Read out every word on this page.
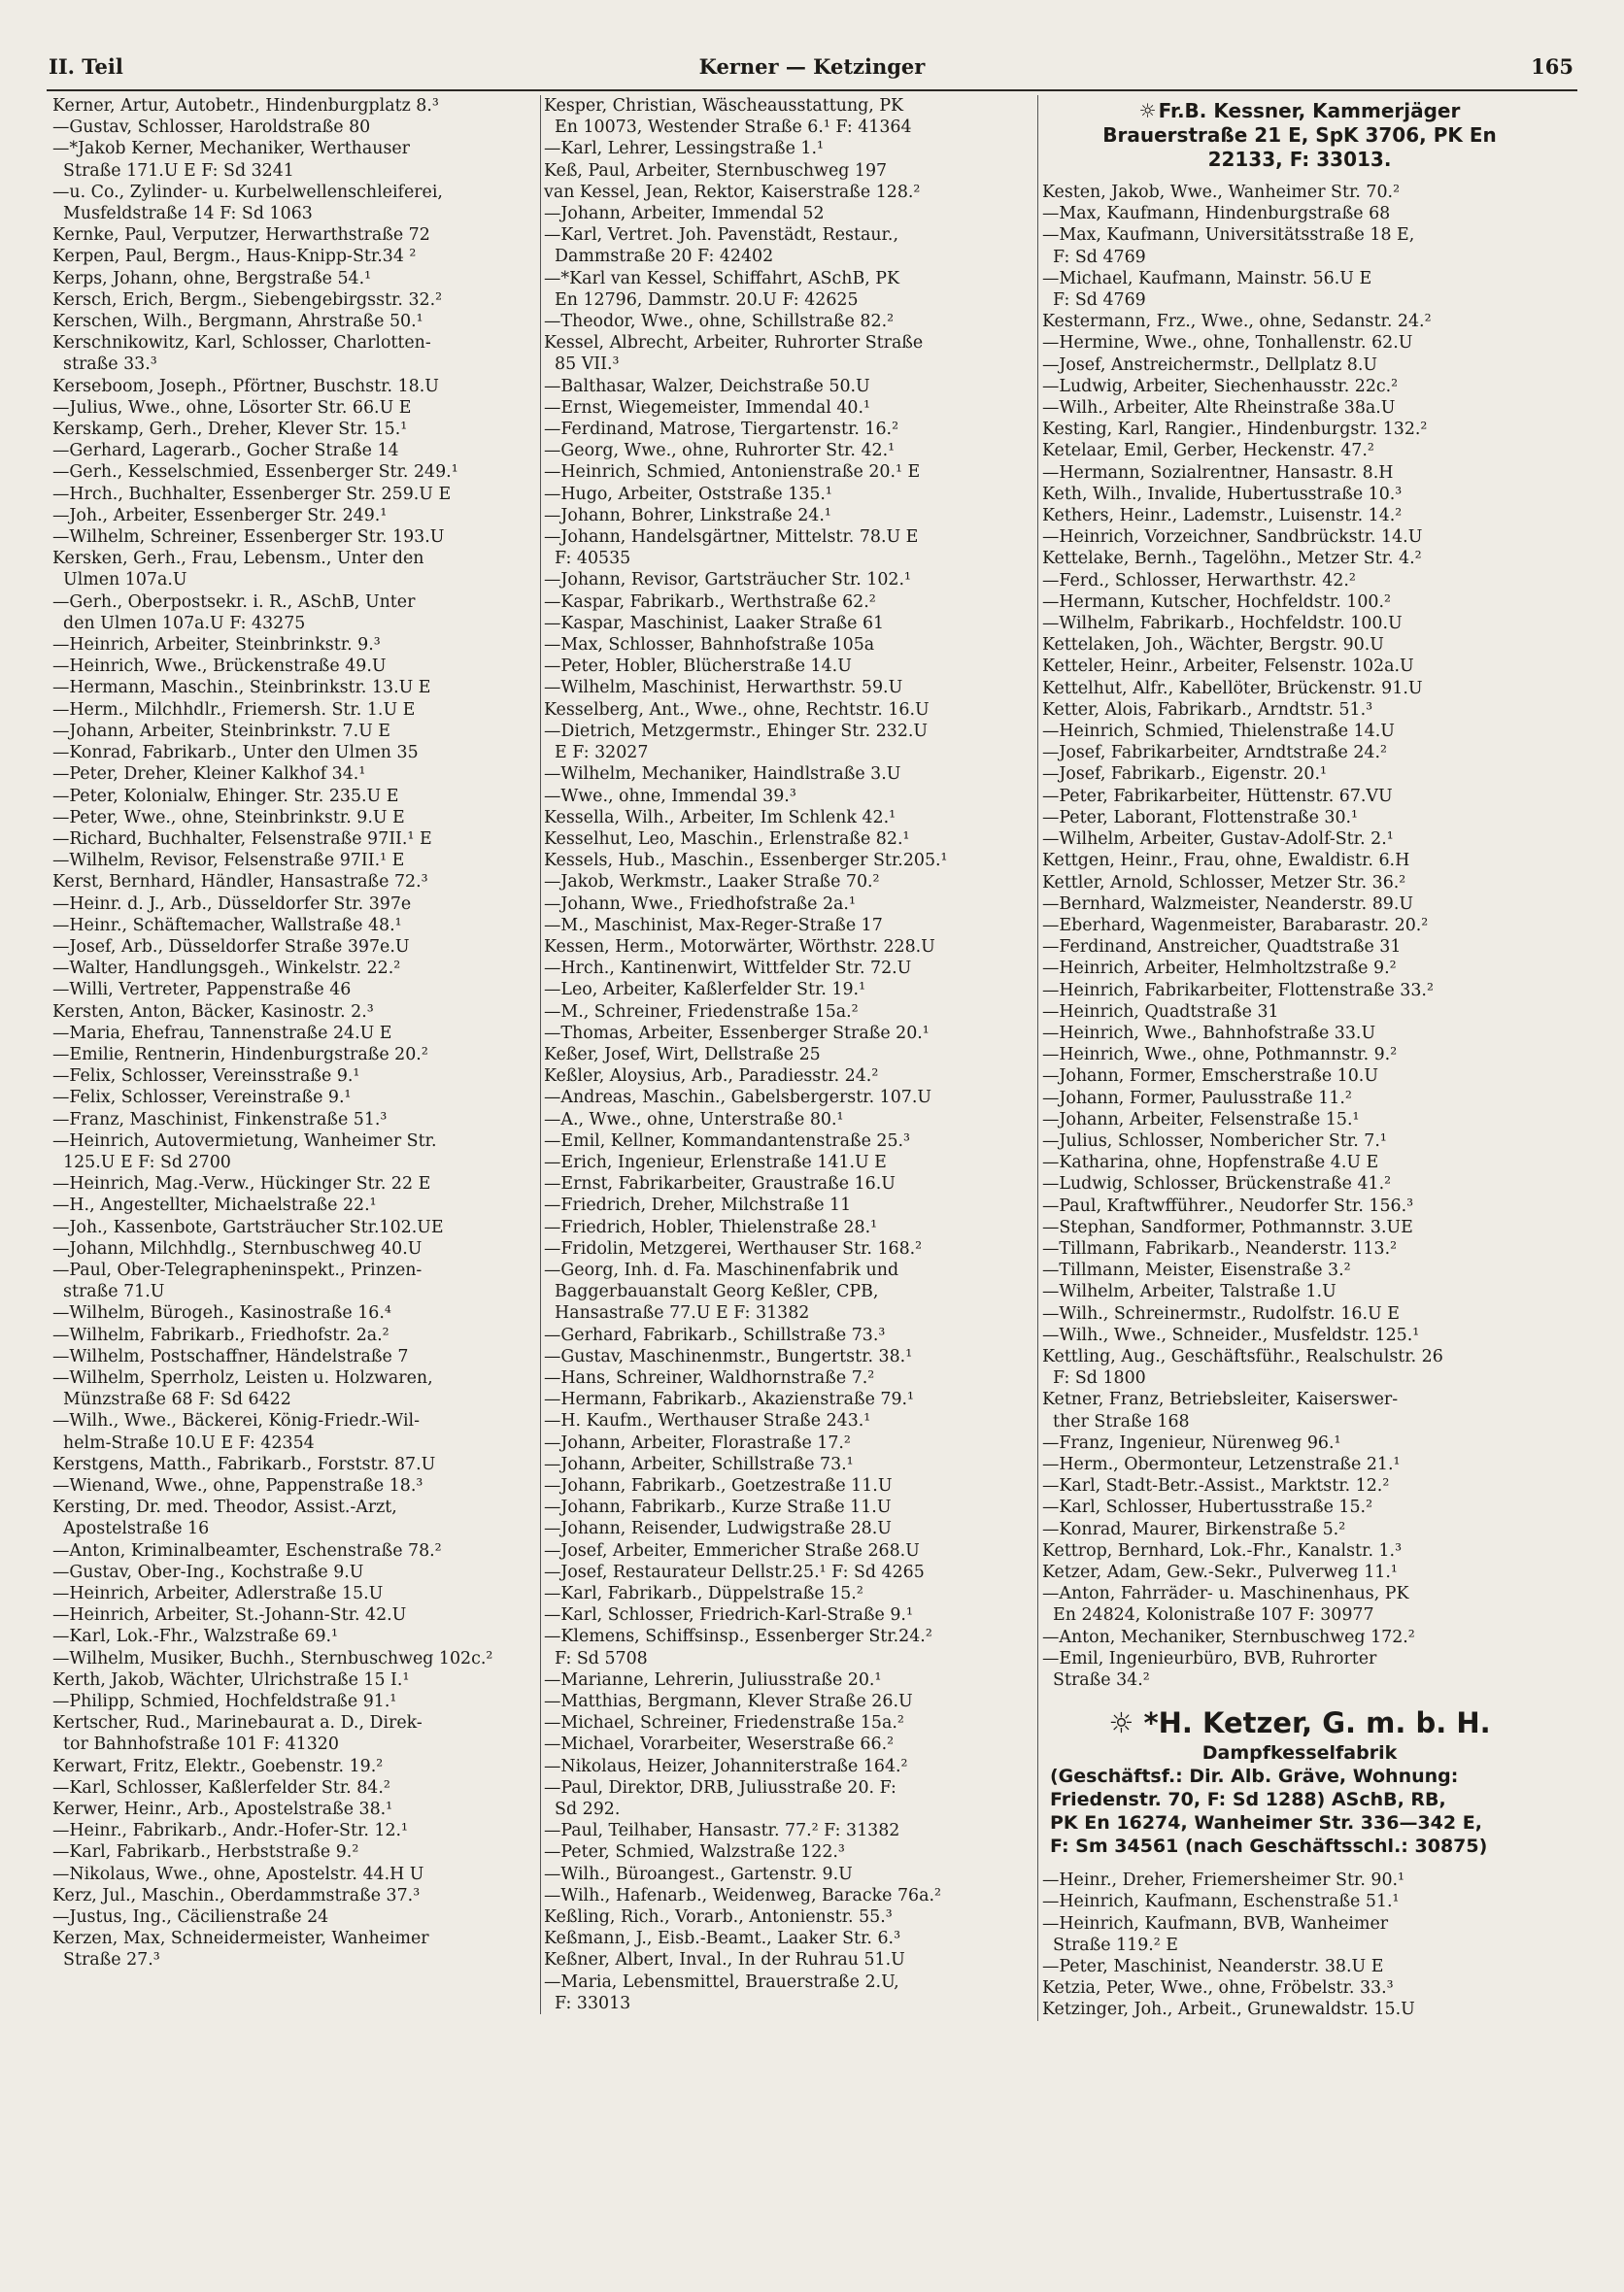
II. Teil	Kerner — Ketzinger	165
Kerner, Artur, Autobetr., Hindenburgplatz 8.³
—Gustav, Schlosser, Haroldstraße 80
—*Jakob Kerner, Mechaniker, Werthauser
Straße 171.U E F: Sd 3241
—u. Co., Zylinder- u. Kurbelwellenschleiferei,
Musfeldstraße 14 F: Sd 1063
Kernke, Paul, Verputzer, Herwarthstraße 72
Kerpen, Paul, Bergm., Haus-Knipp-Str.34 ²
Kerps, Johann, ohne, Bergstraße 54.¹
Kersch, Erich, Bergm., Siebengebirgsstr. 32.²
Kerschen, Wilh., Bergmann, Ahrstraße 50.¹
Kerschnikowitz, Karl, Schlosser, Charlotten-
straße 33.³
Kerseboom, Joseph., Pförtner, Buschstr. 18.U
—Julius, Wwe., ohne, Lösorter Str. 66.U E
Kerskamp, Gerh., Dreher, Klever Str. 15.¹
—Gerhard, Lagerarb., Gocher Straße 14
—Gerh., Kesselschmied, Essenberger Str. 249.¹
—Hrch., Buchhalter, Essenberger Str. 259.U E
—Joh., Arbeiter, Essenberger Str. 249.¹
—Wilhelm, Schreiner, Essenberger Str. 193.U
Kersken, Gerh., Frau, Lebensm., Unter den
Ulmen 107a.U
—Gerh., Oberpostsekr. i. R., ASchB, Unter
den Ulmen 107a.U F: 43275
—Heinrich, Arbeiter, Steinbrinkstr. 9.³
—Heinrich, Wwe., Brückenstraße 49.U
—Hermann, Maschin., Steinbrinkstr. 13.U E
—Herm., Milchhdlr., Friemersh. Str. 1.U E
—Johann, Arbeiter, Steinbrinkstr. 7.U E
—Konrad, Fabrikarb., Unter den Ulmen 35
—Peter, Dreher, Kleiner Kalkhof 34.¹
—Peter, Kolonialw, Ehinger. Str. 235.U E
—Peter, Wwe., ohne, Steinbrinkstr. 9.U E
—Richard, Buchhalter, Felsenstraße 97II.¹ E
—Wilhelm, Revisor, Felsenstraße 97II.¹ E
Kerst, Bernhard, Händler, Hansastraße 72.³
—Heinr. d. J., Arb., Düsseldorfer Str. 397e
—Heinr., Schäftemacher, Wallstraße 48.¹
—Josef, Arb., Düsseldorfer Straße 397e.U
—Walter, Handlungsgeh., Winkelstr. 22.²
—Willi, Vertreter, Pappenstraße 46
Kersten, Anton, Bäcker, Kasinostr. 2.³
—Maria, Ehefrau, Tannenstraße 24.U E
—Emilie, Rentnerin, Hindenburgstraße 20.²
—Felix, Schlosser, Vereinsstraße 9.¹
—Felix, Schlosser, Vereinstraße 9.¹
—Franz, Maschinist, Finkenstraße 51.³
—Heinrich, Autovermietung, Wanheimer Str.
125.U E F: Sd 2700
—Heinrich, Mag.-Verw., Hückinger Str. 22 E
—H., Angestellter, Michaelstraße 22.¹
—Joh., Kassenbote, Gartsträucher Str.102.UE
—Johann, Milchhdlg., Sternbuschweg 40.U
—Paul, Ober-Telegrapheninspekt., Prinzen-
straße 71.U
—Wilhelm, Bürogeh., Kasinostraße 16.⁴
—Wilhelm, Fabrikarb., Friedhofstr. 2a.²
—Wilhelm, Postschaffner, Händelstraße 7
—Wilhelm, Sperrholz, Leisten u. Holzwaren,
Münzstraße 68 F: Sd 6422
—Wilh., Wwe., Bäckerei, König-Friedr.-Wil-
helm-Straße 10.U E F: 42354
Kerstgens, Matth., Fabrikarb., Forststr. 87.U
—Wienand, Wwe., ohne, Pappenstraße 18.³
Kersting, Dr. med. Theodor, Assist.-Arzt,
Apostelstraße 16
—Anton, Kriminalbeamter, Eschenstraße 78.²
—Gustav, Ober-Ing., Kochstraße 9.U
—Heinrich, Arbeiter, Adlerstraße 15.U
—Heinrich, Arbeiter, St.-Johann-Str. 42.U
—Karl, Lok.-Fhr., Walzstraße 69.¹
—Wilhelm, Musiker, Buchh., Sternbuschweg 102c.²
Kerth, Jakob, Wächter, Ulrichstraße 15 I.¹
—Philipp, Schmied, Hochfeldstraße 91.¹
Kertscher, Rud., Marinebaurat a. D., Direk-
tor Bahnhofstraße 101 F: 41320
Kerwart, Fritz, Elektr., Goebenstr. 19.²
—Karl, Schlosser, Kaßlerfelder Str. 84.²
Kerwer, Heinr., Arb., Apostelstraße 38.¹
—Heinr., Fabrikarb., Andr.-Hofer-Str. 12.¹
—Karl, Fabrikarb., Herbststraße 9.²
—Nikolaus, Wwe., ohne, Apostelstr. 44.H U
Kerz, Jul., Maschin., Oberdammstraße 37.³
—Justus, Ing., Cäcilienstraße 24
Kerzen, Max, Schneidermeister, Wanheimer
Straße 27.³
Kesper, Christian, Wäscheausstattung, PK
En 10073, Westender Straße 6.¹ F: 41364
—Karl, Lehrer, Lessingstraße 1.¹
Keß, Paul, Arbeiter, Sternbuschweg 197
van Kessel, Jean, Rektor, Kaiserstraße 128.²
—Johann, Arbeiter, Immendal 52
—Karl, Vertret. Joh. Pavenstädt, Restaur.,
Dammstraße 20 F: 42402
—*Karl van Kessel, Schiffahrt, ASchB, PK
En 12796, Dammstr. 20.U F: 42625
—Theodor, Wwe., ohne, Schillstraße 82.²
Kessel, Albrecht, Arbeiter, Ruhrorter Straße
85 VII.³
—Balthasar, Walzer, Deichstraße 50.U
—Ernst, Wiegemeister, Immendal 40.¹
—Ferdinand, Matrose, Tiergartenstr. 16.²
—Georg, Wwe., ohne, Ruhrorter Str. 42.¹
—Heinrich, Schmied, Antonienstraße 20.¹ E
—Hugo, Arbeiter, Oststraße 135.¹
—Johann, Bohrer, Linkstraße 24.¹
—Johann, Handelsgärtner, Mittelstr. 78.U E
F: 40535
—Johann, Revisor, Gartsträucher Str. 102.¹
—Kaspar, Fabrikarb., Werthstraße 62.²
—Kaspar, Maschinist, Laaker Straße 61
—Max, Schlosser, Bahnhofstraße 105a
—Peter, Hobler, Blücherstraße 14.U
—Wilhelm, Maschinist, Herwarthstr. 59.U
Kesselberg, Ant., Wwe., ohne, Rechtstr. 16.U
—Dietrich, Metzgermstr., Ehinger Str. 232.U
E F: 32027
—Wilhelm, Mechaniker, Haindlstraße 3.U
—Wwe., ohne, Immendal 39.³
Kessella, Wilh., Arbeiter, Im Schlenk 42.¹
Kesselhut, Leo, Maschin., Erlenstraße 82.¹
Kessels, Hub., Maschin., Essenberger Str.205.¹
—Jakob, Werkmstr., Laaker Straße 70.²
—Johann, Wwe., Friedhofstraße 2a.¹
—M., Maschinist, Max-Reger-Straße 17
Kessen, Herm., Motorwärter, Wörthstr. 228.U
—Hrch., Kantinenwirt, Wittfelder Str. 72.U
—Leo, Arbeiter, Kaßlerfelder Str. 19.¹
—M., Schreiner, Friedenstraße 15a.²
—Thomas, Arbeiter, Essenberger Straße 20.¹
Keßer, Josef, Wirt, Dellstraße 25
Keßler, Aloysius, Arb., Paradiesstr. 24.²
—Andreas, Maschin., Gabelsbergerstr. 107.U
—A., Wwe., ohne, Unterstraße 80.¹
—Emil, Kellner, Kommandantenstraße 25.³
—Erich, Ingenieur, Erlenstraße 141.U E
—Ernst, Fabrikarbeiter, Graustraße 16.U
—Friedrich, Dreher, Milchstraße 11
—Friedrich, Hobler, Thielenstraße 28.¹
—Fridolin, Metzgerei, Werthauser Str. 168.²
—Georg, Inh. d. Fa. Maschinenfabrik und
Baggerbauanstalt Georg Keßler, CPB,
Hansastraße 77.U E F: 31382
—Gerhard, Fabrikarb., Schillstraße 73.³
—Gustav, Maschinenmstr., Bungertstr. 38.¹
—Hans, Schreiner, Waldhornstraße 7.²
—Hermann, Fabrikarb., Akazienstraße 79.¹
—H. Kaufm., Werthauser Straße 243.¹
—Johann, Arbeiter, Florastraße 17.²
—Johann, Arbeiter, Schillstraße 73.¹
—Johann, Fabrikarb., Goetzestraße 11.U
—Johann, Fabrikarb., Kurze Straße 11.U
—Johann, Reisender, Ludwigstraße 28.U
—Josef, Arbeiter, Emmericher Straße 268.U
—Josef, Restaurateur Dellstr.25.¹ F: Sd 4265
—Karl, Fabrikarb., Düppelstraße 15.²
—Karl, Schlosser, Friedrich-Karl-Straße 9.¹
—Klemens, Schiffsinsp., Essenberger Str.24.²
F: Sd 5708
—Marianne, Lehrerin, Juliusstraße 20.¹
—Matthias, Bergmann, Klever Straße 26.U
—Michael, Schreiner, Friedenstraße 15a.²
—Michael, Vorarbeiter, Weserstraße 66.²
—Nikolaus, Heizer, Johanniterstraße 164.²
—Paul, Direktor, DRB, Juliusstraße 20. F:
Sd 292.
—Paul, Teilhaber, Hansastr. 77.² F: 31382
—Peter, Schmied, Walzstraße 122.³
—Wilh., Büroangest., Gartenstr. 9.U
—Wilh., Hafenarb., Weidenweg, Baracke 76a.²
Keßling, Rich., Vorarb., Antonienstr. 55.³
Keßmann, J., Eisb.-Beamt., Laaker Str. 6.³
Keßner, Albert, Inval., In der Ruhrau 51.U
—Maria, Lebensmittel, Brauerstraße 2.U,
F: 33013
☼ Fr.B. Kessner, Kammerjäger
Brauerstraße 21 E, SpK 3706, PK En
22133, F: 33013.
Kesten, Jakob, Wwe., Wanheimer Str. 70.²
—Max, Kaufmann, Hindenburgstraße 68
—Max, Kaufmann, Universitätsstraße 18 E,
F: Sd 4769
—Michael, Kaufmann, Mainstr. 56.U E
F: Sd 4769
Kestermann, Frz., Wwe., ohne, Sedanstr. 24.²
—Hermine, Wwe., ohne, Tonhallenstr. 62.U
—Josef, Anstreichermstr., Dellplatz 8.U
—Ludwig, Arbeiter, Siechenhausstr. 22c.²
—Wilh., Arbeiter, Alte Rheinstraße 38a.U
Kesting, Karl, Rangier., Hindenburgstr. 132.²
Ketelaar, Emil, Gerber, Heckenstr. 47.²
—Hermann, Sozialrentner, Hansastr. 8.H
Keth, Wilh., Invalide, Hubertusstraße 10.³
Kethers, Heinr., Lademstr., Luisenstr. 14.²
—Heinrich, Vorzeichner, Sandbrückstr. 14.U
Kettelake, Bernh., Tagelöhn., Metzer Str. 4.²
—Ferd., Schlosser, Herwarthstr. 42.²
—Hermann, Kutscher, Hochfeldstr. 100.²
—Wilhelm, Fabrikarb., Hochfeldstr. 100.U
Kettelaken, Joh., Wächter, Bergstr. 90.U
Ketteler, Heinr., Arbeiter, Felsenstr. 102a.U
Kettelhut, Alfr., Kabellöter, Brückenstr. 91.U
Ketter, Alois, Fabrikarb., Arndtstr. 51.³
—Heinrich, Schmied, Thielenstraße 14.U
—Josef, Fabrikarbeiter, Arndtstraße 24.²
—Josef, Fabrikarb., Eigenstr. 20.¹
—Peter, Fabrikarbeiter, Hüttenstr. 67.VU
—Peter, Laborant, Flottenstraße 30.¹
—Wilhelm, Arbeiter, Gustav-Adolf-Str. 2.¹
Kettgen, Heinr., Frau, ohne, Ewaldistr. 6.H
Kettler, Arnold, Schlosser, Metzer Str. 36.²
—Bernhard, Walzmeister, Neanderstr. 89.U
—Eberhard, Wagenmeister, Barabarastr. 20.²
—Ferdinand, Anstreicher, Quadtstraße 31
—Heinrich, Arbeiter, Helmholtzstraße 9.²
—Heinrich, Fabrikarbeiter, Flottenstraße 33.²
—Heinrich, Quadtstraße 31
—Heinrich, Wwe., Bahnhofstraße 33.U
—Heinrich, Wwe., ohne, Pothmannstr. 9.²
—Johann, Former, Emscherstraße 10.U
—Johann, Former, Paulusstraße 11.²
—Johann, Arbeiter, Felsenstraße 15.¹
—Julius, Schlosser, Nombericher Str. 7.¹
—Katharina, ohne, Hopfenstraße 4.U E
—Ludwig, Schlosser, Brückenstraße 41.²
—Paul, Kraftwfführer., Neudorfer Str. 156.³
—Stephan, Sandformer, Pothmannstr. 3.UE
—Tillmann, Fabrikarb., Neanderstr. 113.²
—Tillmann, Meister, Eisenstraße 3.²
—Wilhelm, Arbeiter, Talstraße 1.U
—Wilh., Schreinermstr., Rudolfstr. 16.U E
—Wilh., Wwe., Schneider., Musfeldstr. 125.¹
Kettling, Aug., Geschäftsführ., Realschulstr. 26
F: Sd 1800
Ketner, Franz, Betriebsleiter, Kaiserswer-
ther Straße 168
—Franz, Ingenieur, Nürenweg 96.¹
—Herm., Obermonteur, Letzenstraße 21.¹
—Karl, Stadt-Betr.-Assist., Marktstr. 12.²
—Karl, Schlosser, Hubertusstraße 15.²
—Konrad, Maurer, Birkenstraße 5.²
Kettrop, Bernhard, Lok.-Fhr., Kanalstr. 1.³
Ketzer, Adam, Gew.-Sekr., Pulverweg 11.¹
—Anton, Fahrräder- u. Maschinenhaus, PK
En 24824, Kolonistraße 107 F: 30977
—Anton, Mechaniker, Sternbuschweg 172.²
—Emil, Ingenieurbüro, BVB, Ruhrorter
Straße 34.²
☼ *H. Ketzer, G. m. b. H.
Dampfkesselfabrik
(Geschäftsf.: Dir. Alb. Gräve, Wohnung:
Friedenstr. 70, F: Sd 1288) ASchB, RB,
PK En 16274, Wanheimer Str. 336—342 E,
F: Sm 34561 (nach Geschäftsschl.: 30875)
—Heinr., Dreher, Friemersheimer Str. 90.¹
—Heinrich, Kaufmann, Eschenstraße 51.¹
—Heinrich, Kaufmann, BVB, Wanheimer
Straße 119.² E
—Peter, Maschinist, Neanderstr. 38.U E
Ketzia, Peter, Wwe., ohne, Fröbelstr. 33.³
Ketzinger, Joh., Arbeit., Grunewaldstr. 15.U
